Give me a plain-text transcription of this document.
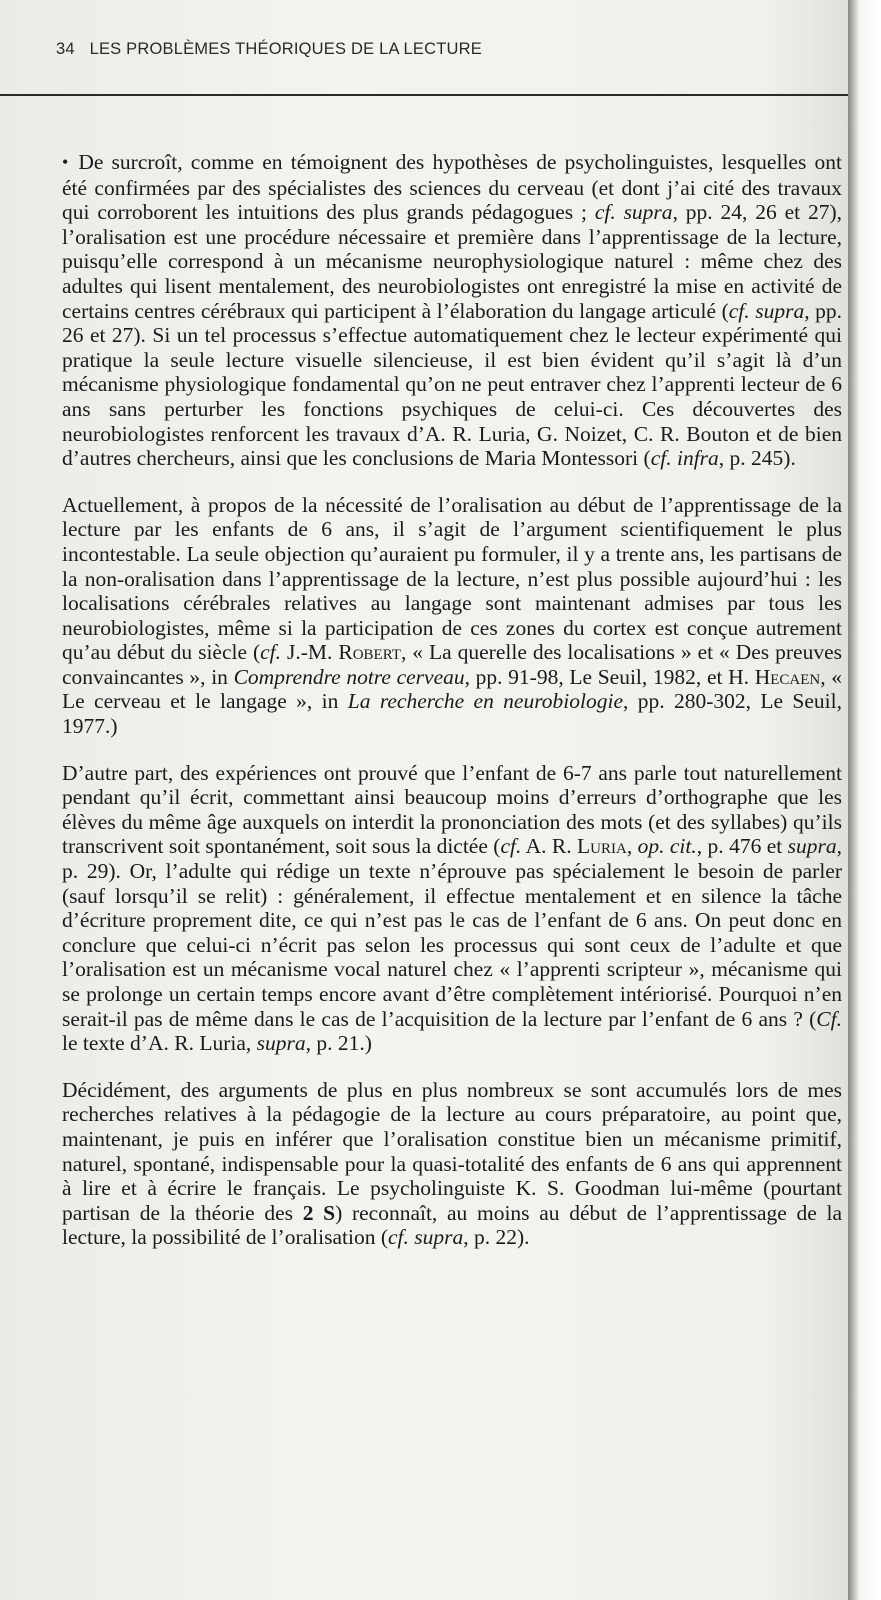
34 LES PROBLÈMES THÉORIQUES DE LA LECTURE

• De surcroît, comme en témoignent des hypothèses de psycholinguistes, lesquelles ont été confirmées par des spécialistes des sciences du cerveau (et dont j’ai cité des travaux qui corroborent les intuitions des plus grands pédagogues ; cf. supra, pp. 24, 26 et 27), l’oralisation est une procédure nécessaire et première dans l’apprentissage de la lecture, puisqu’elle correspond à un mécanisme neurophysiologique naturel : même chez des adultes qui lisent mentalement, des neurobiologistes ont enregistré la mise en activité de certains centres cérébraux qui participent à l’élaboration du langage articulé (cf. supra, pp. 26 et 27). Si un tel processus s’effectue automatiquement chez le lecteur expérimenté qui pratique la seule lecture visuelle silencieuse, il est bien évident qu’il s’agit là d’un mécanisme physiologique fondamental qu’on ne peut entraver chez l’apprenti lecteur de 6 ans sans perturber les fonctions psychiques de celui-ci. Ces découvertes des neurobiologistes renforcent les travaux d’A. R. Luria, G. Noizet, C. R. Bouton et de bien d’autres chercheurs, ainsi que les conclusions de Maria Montessori (cf. infra, p. 245).

Actuellement, à propos de la nécessité de l’oralisation au début de l’apprentissage de la lecture par les enfants de 6 ans, il s’agit de l’argument scientifiquement le plus incontestable. La seule objection qu’auraient pu formuler, il y a trente ans, les partisans de la non-oralisation dans l’apprentissage de la lecture, n’est plus possible aujourd’hui : les localisations cérébrales relatives au langage sont maintenant admises par tous les neurobiologistes, même si la participation de ces zones du cortex est conçue autrement qu’au début du siècle (cf. J.-M. Robert, « La querelle des localisations » et « Des preuves convaincantes », in Comprendre notre cerveau, pp. 91-98, Le Seuil, 1982, et H. Hecaen, « Le cerveau et le langage », in La recherche en neurobiologie, pp. 280-302, Le Seuil, 1977.)

D’autre part, des expériences ont prouvé que l’enfant de 6-7 ans parle tout naturellement pendant qu’il écrit, commettant ainsi beaucoup moins d’erreurs d’orthographe que les élèves du même âge auxquels on interdit la prononciation des mots (et des syllabes) qu’ils transcrivent soit spontanément, soit sous la dictée (cf. A. R. Luria, op. cit., p. 476 et supra, p. 29). Or, l’adulte qui rédige un texte n’éprouve pas spécialement le besoin de parler (sauf lorsqu’il se relit) : généralement, il effectue mentalement et en silence la tâche d’écriture proprement dite, ce qui n’est pas le cas de l’enfant de 6 ans. On peut donc en conclure que celui-ci n’écrit pas selon les processus qui sont ceux de l’adulte et que l’oralisation est un mécanisme vocal naturel chez « l’apprenti scripteur », mécanisme qui se prolonge un certain temps encore avant d’être complètement intériorisé. Pourquoi n’en serait-il pas de même dans le cas de l’acquisition de la lecture par l’enfant de 6 ans ? (Cf. le texte d’A. R. Luria, supra, p. 21.)

Décidément, des arguments de plus en plus nombreux se sont accumulés lors de mes recherches relatives à la pédagogie de la lecture au cours préparatoire, au point que, maintenant, je puis en inférer que l’oralisation constitue bien un mécanisme primitif, naturel, spontané, indispensable pour la quasi-totalité des enfants de 6 ans qui apprennent à lire et à écrire le français. Le psycholinguiste K. S. Goodman lui-même (pourtant partisan de la théorie des 2 S) reconnaît, au moins au début de l’apprentissage de la lecture, la possibilité de l’oralisation (cf. supra, p. 22).
